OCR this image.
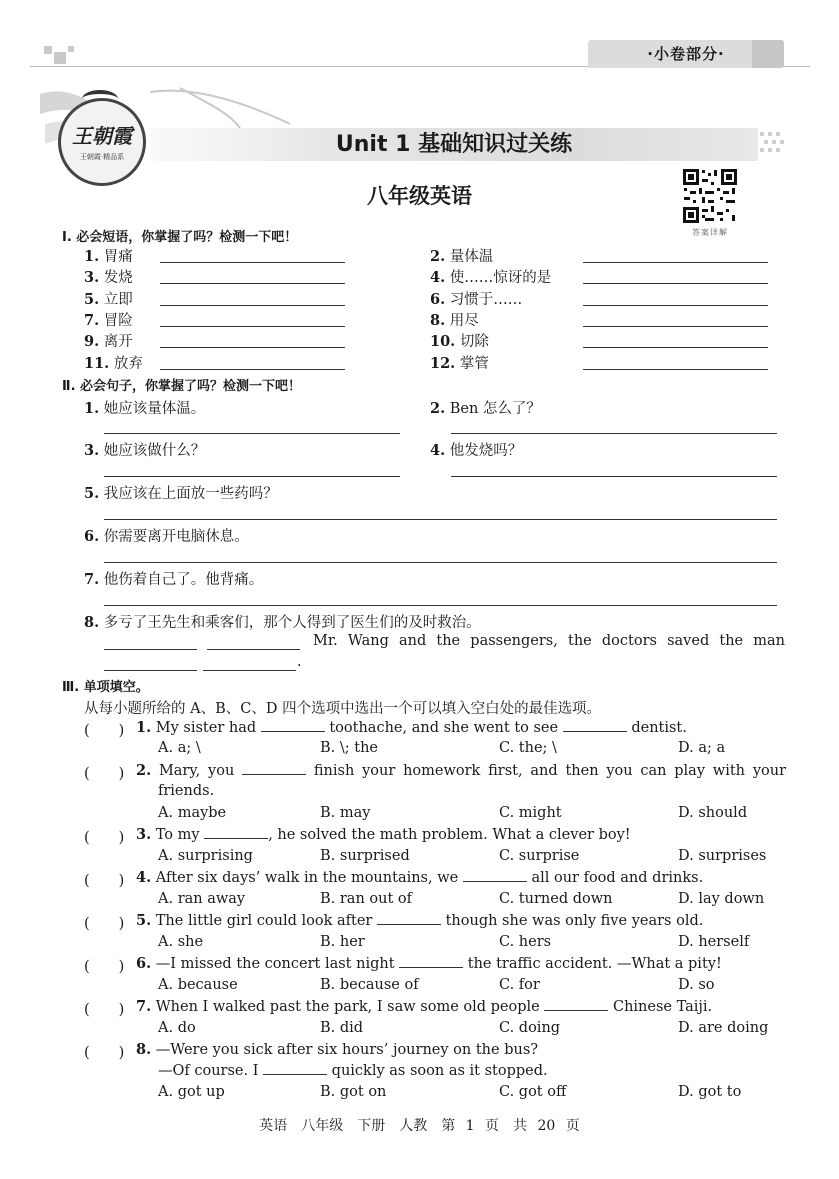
·小卷部分·
Unit 1 基础知识过关练
王朝霞
王朝霞·精品系
八年级英语
答案详解
Ⅰ. 必会短语，你掌握了吗？检测一下吧！
1. 胃痛	2. 量体温
3. 发烧	4. 使……惊讶的是
5. 立即	6. 习惯于……
7. 冒险	8. 用尽
9. 离开	10. 切除
11. 放弃	12. 掌管
Ⅱ. 必会句子，你掌握了吗？检测一下吧！
1. 她应该量体温。	2. Ben 怎么了？
3. 她应该做什么？	4. 他发烧吗？
5. 我应该在上面放一些药吗？
6. 你需要离开电脑休息。
7. 他伤着自己了。他背痛。
8. 多亏了王先生和乘客们，那个人得到了医生们的及时救治。
Mr. Wang and the passengers, the doctors saved the man
.
Ⅲ. 单项填空。
从每小题所给的 A、B、C、D 四个选项中选出一个可以填入空白处的最佳选项。
(　　) 1. My sister had	toothache, and she went to see	dentist.
A. a; \	B. \; the	C. the; \	D. a; a
(　　) 2. Mary, you	finish your homework first, and then you can play with your
friends.
A. maybe	B. may	C. might	D. should
(　　) 3. To my	, he solved the math problem. What a clever boy!
A. surprising	B. surprised	C. surprise	D. surprises
(　　) 4. After six days’ walk in the mountains, we	all our food and drinks.
A. ran away	B. ran out of	C. turned down	D. lay down
(　　) 5. The little girl could look after	though she was only five years old.
A. she	B. her	C. hers	D. herself
(　　) 6. —I missed the concert last night	the traffic accident. —What a pity!
A. because	B. because of	C. for	D. so
(　　) 7. When I walked past the park, I saw some old people	Chinese Taiji.
A. do	B. did	C. doing	D. are doing
(　　) 8. —Were you sick after six hours’ journey on the bus?
—Of course. I	quickly as soon as it stopped.
A. got up	B. got on	C. got off	D. got to
英语　八年级　下册　人教　第 1 页　共 20 页
